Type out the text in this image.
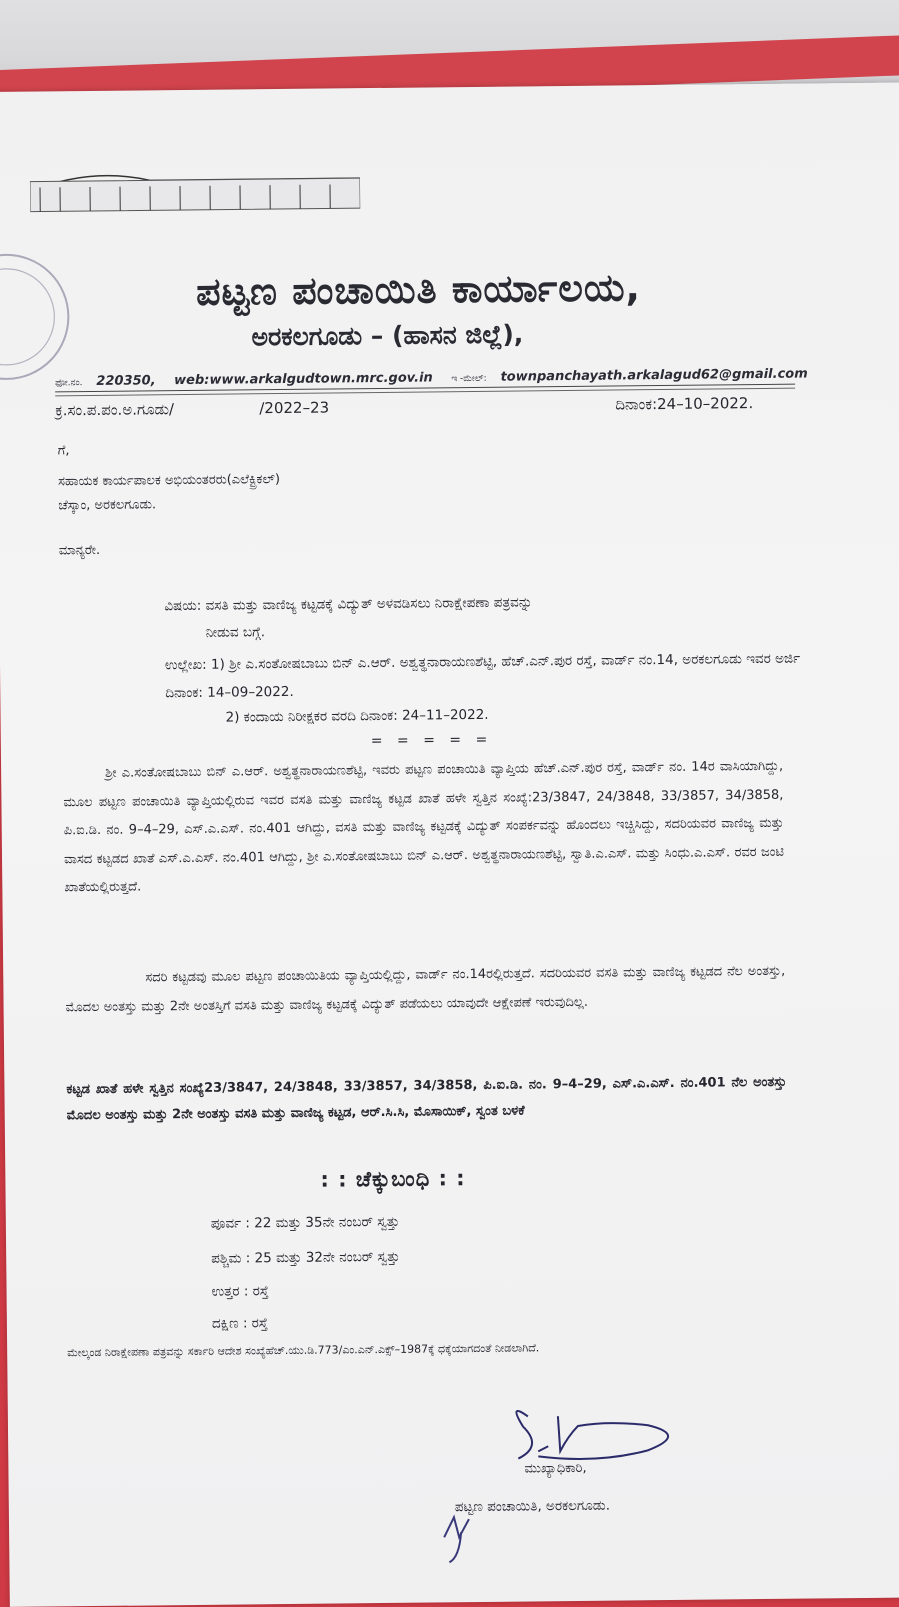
ಪಟ್ಟಣ ಪಂಚಾಯಿತಿ ಕಾರ್ಯಾಲಯ,
ಅರಕಲಗೂಡು – (ಹಾಸನ ಜಿಲ್ಲೆ),
ಫೋ.ನಂ. 220350, web:www.arkalgudtown.mrc.gov.in ಇ -ಮೇಲ್: townpanchayath.arkalagud62@gmail.com
ಕ್ರ.ಸಂ.ಪ.ಪಂ.ಅ.ಗೂಡು/	/2022–23	ದಿನಾಂಕ:24–10–2022.
ಗೆ,
ಸಹಾಯಕ ಕಾರ್ಯಪಾಲಕ ಅಭಿಯಂತರರು(ಎಲೆಕ್ಟ್ರಿಕಲ್)
ಚೆಸ್ಕಾಂ, ಅರಕಲಗೂಡು.
ಮಾನ್ಯರೇ.
ವಿಷಯ: ವಸತಿ ಮತ್ತು ವಾಣಿಜ್ಯ ಕಟ್ಟಡಕ್ಕೆ ವಿದ್ಯುತ್ ಅಳವಡಿಸಲು ನಿರಾಕ್ಷೇಪಣಾ ಪತ್ರವನ್ನು
ನೀಡುವ ಬಗ್ಗೆ.
ಉಲ್ಲೇಖ: 1) ಶ್ರೀ ಎ.ಸಂತೋಷಬಾಬು ಬಿನ್ ಎ.ಆರ್. ಅಶ್ವತ್ಥನಾರಾಯಣಶೆಟ್ಟಿ, ಹೆಚ್.ಎನ್.ಪುರ ರಸ್ತೆ, ವಾರ್ಡ್ ನಂ.14, ಅರಕಲಗೂಡು ಇವರ ಅರ್ಜಿ ದಿನಾಂಕ: 14–09–2022.
2) ಕಂದಾಯ ನಿರೀಕ್ಷಕರ ವರದಿ ದಿನಾಂಕ: 24–11–2022.
= = = = =
ಶ್ರೀ ಎ.ಸಂತೋಷಬಾಬು ಬಿನ್ ಎ.ಆರ್. ಅಶ್ವತ್ಥನಾರಾಯಣಶೆಟ್ಟಿ, ಇವರು ಪಟ್ಟಣ ಪಂಚಾಯಿತಿ ವ್ಯಾಪ್ತಿಯ ಹೆಚ್.ಎನ್.ಪುರ ರಸ್ತೆ, ವಾರ್ಡ್ ನಂ. 14ರ ವಾಸಿಯಾಗಿದ್ದು, ಮೂಲ ಪಟ್ಟಣ ಪಂಚಾಯಿತಿ ವ್ಯಾಪ್ತಿಯಲ್ಲಿರುವ ಇವರ ವಸತಿ ಮತ್ತು ವಾಣಿಜ್ಯ ಕಟ್ಟಡ ಖಾತೆ ಹಳೇ ಸ್ವತ್ತಿನ ಸಂಖ್ಯೆ:23/3847, 24/3848, 33/3857, 34/3858, ಪಿ.ಐ.ಡಿ. ನಂ. 9–4–29, ಎಸ್.ಎ.ಎಸ್. ನಂ.401 ಆಗಿದ್ದು, ವಸತಿ ಮತ್ತು ವಾಣಿಜ್ಯ ಕಟ್ಟಡಕ್ಕೆ ವಿದ್ಯುತ್ ಸಂಪರ್ಕವನ್ನು ಹೊಂದಲು ಇಚ್ಚಿಸಿದ್ದು, ಸದರಿಯವರ ವಾಣಿಜ್ಯ ಮತ್ತು ವಾಸದ ಕಟ್ಟಡದ ಖಾತೆ ಎಸ್.ಎ.ಎಸ್. ನಂ.401 ಆಗಿದ್ದು, ಶ್ರೀ ಎ.ಸಂತೋಷಬಾಬು ಬಿನ್ ಎ.ಆರ್. ಅಶ್ವತ್ಥನಾರಾಯಣಶೆಟ್ಟಿ, ಸ್ವಾತಿ.ಎ.ಎಸ್. ಮತ್ತು ಸಿಂಧು.ಎ.ಎಸ್. ರವರ ಜಂಟಿ ಖಾತೆಯಲ್ಲಿರುತ್ತದೆ.
ಸದರಿ ಕಟ್ಟಡವು ಮೂಲ ಪಟ್ಟಣ ಪಂಚಾಯಿತಿಯ ವ್ಯಾಪ್ತಿಯಲ್ಲಿದ್ದು, ವಾರ್ಡ್ ನಂ.14ರಲ್ಲಿರುತ್ತದೆ. ಸದರಿಯವರ ವಸತಿ ಮತ್ತು ವಾಣಿಜ್ಯ ಕಟ್ಟಡದ ನೆಲ ಅಂತಸ್ತು, ಮೊದಲ ಅಂತಸ್ತು ಮತ್ತು 2ನೇ ಅಂತಸ್ತಿಗೆ ವಸತಿ ಮತ್ತು ವಾಣಿಜ್ಯ ಕಟ್ಟಡಕ್ಕೆ ವಿದ್ಯುತ್ ಪಡೆಯಲು ಯಾವುದೇ ಆಕ್ಷೇಪಣೆ ಇರುವುದಿಲ್ಲ.
ಕಟ್ಟಡ ಖಾತೆ ಹಳೇ ಸ್ವತ್ತಿನ ಸಂಖ್ಯೆ23/3847, 24/3848, 33/3857, 34/3858, ಪಿ.ಐ.ಡಿ. ನಂ. 9–4–29, ಎಸ್.ಎ.ಎಸ್. ನಂ.401 ನೆಲ ಅಂತಸ್ತು ಮೊದಲ ಅಂತಸ್ತು ಮತ್ತು 2ನೇ ಅಂತಸ್ತು ವಸತಿ ಮತ್ತು ವಾಣಿಜ್ಯ ಕಟ್ಟಡ, ಆರ್.ಸಿ.ಸಿ, ಮೊಸಾಯಿಕ್, ಸ್ವಂತ ಬಳಕೆ
: : ಚೆಕ್ಕುಬಂಧಿ : :
ಪೂರ್ವ : 22 ಮತ್ತು 35ನೇ ನಂಬರ್ ಸ್ವತ್ತು
ಪಶ್ಚಿಮ : 25 ಮತ್ತು 32ನೇ ನಂಬರ್ ಸ್ವತ್ತು
ಉತ್ತರ : ರಸ್ತೆ
ದಕ್ಷಿಣ : ರಸ್ತೆ
ಮೇಲ್ಕಂಡ ನಿರಾಕ್ಷೇಪಣಾ ಪತ್ರವನ್ನು ಸರ್ಕಾರಿ ಆದೇಶ ಸಂಖ್ಯೆಹೆಚ್.ಯು.ಡಿ.773/ಎಂ.ಎನ್.ಎಕ್ಸ್–1987ಕ್ಕೆ ಧಕ್ಕೆಯಾಗದಂತೆ ನೀಡಲಾಗಿದೆ.
ಮುಖ್ಯಾಧಿಕಾರಿ,
ಪಟ್ಟಣ ಪಂಚಾಯಿತಿ, ಅರಕಲಗೂಡು.
